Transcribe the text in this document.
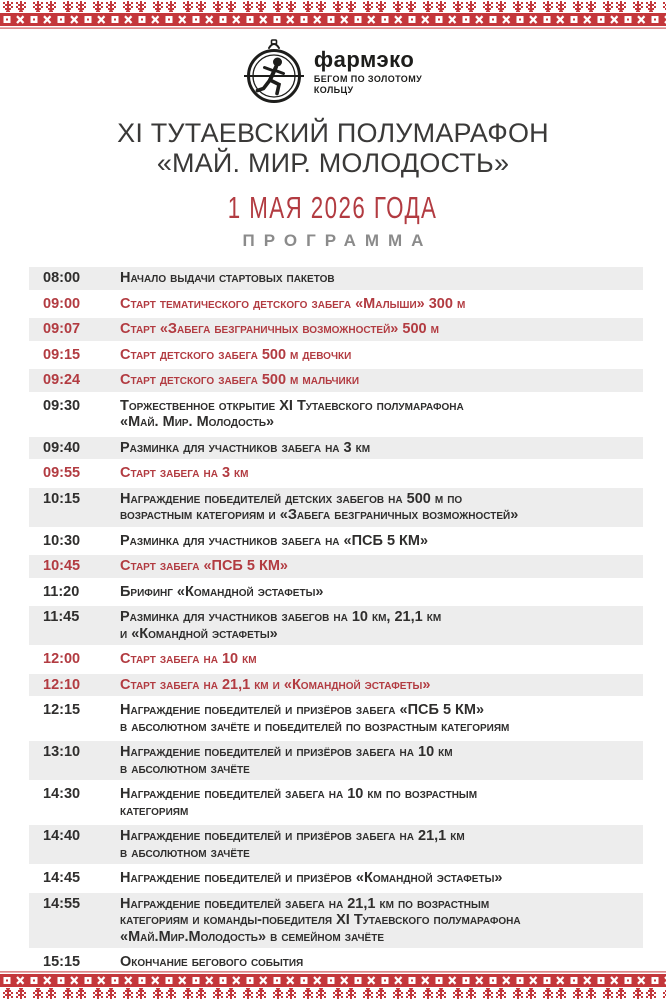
фармэко
БЕГОМ ПО ЗОЛОТОМУ
КОЛЬЦУ
XI ТУТАЕВСКИЙ ПОЛУМАРАФОН
«МАЙ. МИР. МОЛОДОСТЬ»
1 МАЯ 2026 ГОДА
ПРОГРАММА
08:00	Начало выдачи стартовых пакетов
09:00	Старт тематического детского забега «Малыши» 300 м
09:07	Старт «Забега безграничных возможностей» 500 м
09:15	Старт детского забега 500 м девочки
09:24	Старт детского забега 500 м мальчики
09:30	Торжественное открытие XI Тутаевского полумарафона
«Май. Мир. Молодость»
09:40	Разминка для участников забега на 3 км
09:55	Старт забега на 3 км
10:15	Награждение победителей детских забегов на 500 м по
возрастным категориям и «Забега безграничных возможностей»
10:30	Разминка для участников забега на «ПСБ 5 КМ»
10:45	Старт забега «ПСБ 5 КМ»
11:20	Брифинг «Командной эстафеты»
11:45	Разминка для участников забегов на 10 км, 21,1 км
и «Командной эстафеты»
12:00	Старт забега на 10 км
12:10	Старт забега на 21,1 км и «Командной эстафеты»
12:15	Награждение победителей и призёров забега «ПСБ 5 КМ»
в абсолютном зачёте и победителей по возрастным категориям
13:10	Награждение победителей и призёров забега на 10 км
в абсолютном зачёте
14:30	Награждение победителей забега на 10 км по возрастным
категориям
14:40	Награждение победителей и призёров забега на 21,1 км
в абсолютном зачёте
14:45	Награждение победителей и призёров «Командной эстафеты»
14:55	Награждение победителей забега на 21,1 км по возрастным
категориям и команды-победителя XI Тутаевского полумарафона
«Май.Мир.Молодость» в семейном зачёте
15:15	Окончание бегового события
